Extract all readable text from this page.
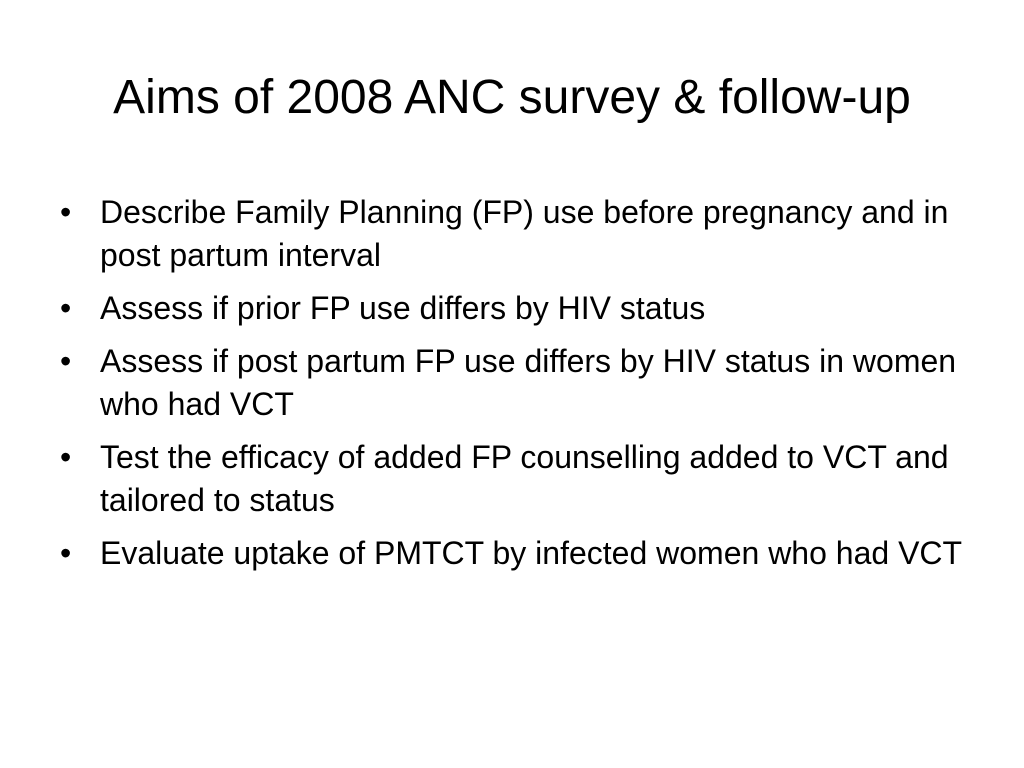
Aims of 2008 ANC survey & follow-up
• Describe Family Planning (FP) use before pregnancy and in post partum interval
• Assess if prior FP use differs by HIV status
• Assess if post partum FP use differs by HIV status in women who had VCT
• Test the efficacy of added FP counselling added to VCT and tailored to status
• Evaluate uptake of PMTCT by infected women who had VCT
